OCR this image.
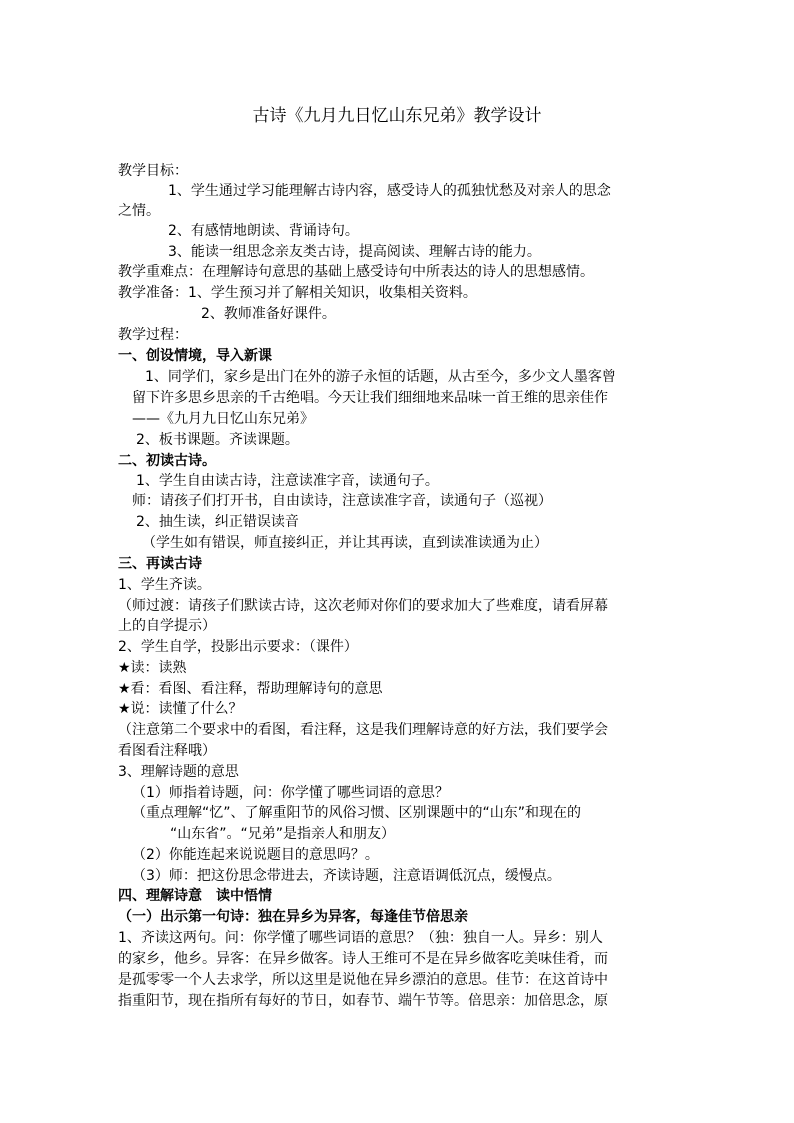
古诗《九月九日忆山东兄弟》教学设计
教学目标：
1、学生通过学习能理解古诗内容，感受诗人的孤独忧愁及对亲人的思念
之情。
2、有感情地朗读、背诵诗句。
3、能读一组思念亲友类古诗，提高阅读、理解古诗的能力。
教学重难点：在理解诗句意思的基础上感受诗句中所表达的诗人的思想感情。
教学准备：1、学生预习并了解相关知识，收集相关资料。
2、教师准备好课件。
教学过程：
一、创设情境，导入新课
1、同学们，家乡是出门在外的游子永恒的话题，从古至今，多少文人墨客曾
留下许多思乡思亲的千古绝唱。今天让我们细细地来品味一首王维的思亲佳作
——《九月九日忆山东兄弟》
2、板书课题。齐读课题。
二、初读古诗。
1、学生自由读古诗，注意读准字音，读通句子。
师：请孩子们打开书，自由读诗，注意读准字音，读通句子（巡视）
2、抽生读，纠正错误读音
（学生如有错误，师直接纠正，并让其再读，直到读准读通为止）
三、再读古诗
1、学生齐读。
（师过渡：请孩子们默读古诗，这次老师对你们的要求加大了些难度，请看屏幕
上的自学提示）
2、学生自学，投影出示要求：（课件）
★读：读熟
★看：看图、看注释，帮助理解诗句的意思
★说：读懂了什么？
（注意第二个要求中的看图，看注释，这是我们理解诗意的好方法，我们要学会
看图看注释哦）
3、理解诗题的意思
（1）师指着诗题，问：你学懂了哪些词语的意思？
（重点理解“忆”、了解重阳节的风俗习惯、区别课题中的“山东”和现在的
“山东省”。“兄弟”是指亲人和朋友）
（2）你能连起来说说题目的意思吗？。
（3）师：把这份思念带进去，齐读诗题，注意语调低沉点，缓慢点。
四、理解诗意　读中悟情
（一）出示第一句诗：独在异乡为异客，每逢佳节倍思亲
1、齐读这两句。问：你学懂了哪些词语的意思？（独：独自一人。异乡：别人
的家乡，他乡。异客：在异乡做客。诗人王维可不是在异乡做客吃美味佳肴，而
是孤零零一个人去求学，所以这里是说他在异乡漂泊的意思。佳节：在这首诗中
指重阳节，现在指所有每好的节日，如春节、端午节等。倍思亲：加倍思念，原
